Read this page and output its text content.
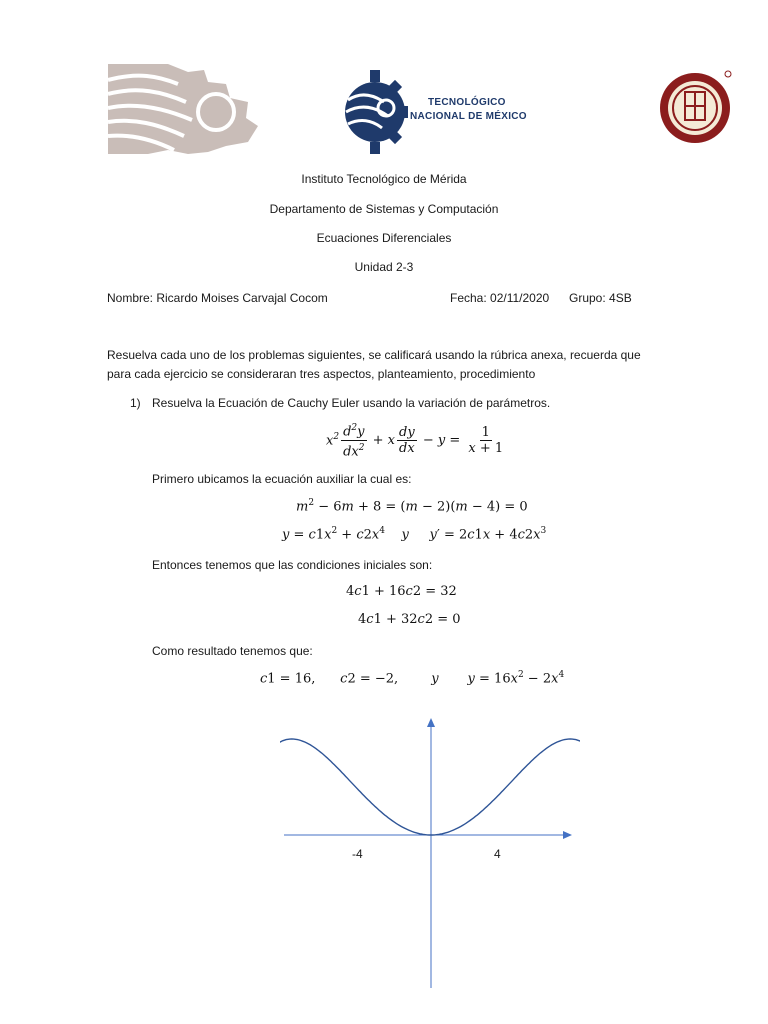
TECNOLÓGICO
NACIONAL DE MÉXICO
Instituto Tecnológico de Mérida
Departamento de Sistemas y Computación
Ecuaciones Diferenciales
Unidad 2-3
Nombre: Ricardo Moises Carvajal Cocom	Fecha: 02/11/2020 Grupo: 4SB
Resuelva cada uno de los problemas siguientes, se calificará usando la rúbrica anexa, recuerda que
para cada ejercicio se consideraran tres aspectos, planteamiento, procedimiento
1) Resuelva la Ecuación de Cauchy Euler usando la variación de parámetros.
$x^2 \frac{d^2y}{dx^2} + x \frac{dy}{dx} - y = \frac{1}{x + 1}$
Primero ubicamos la ecuación auxiliar la cual es:
$m^2 - 6m + 8 = (m - 2)(m - 4) = 0$
$y = c1x^2 + c2x^4$    y     $y' = 2c1x + 4c2x^3$
Entonces tenemos que las condiciones iniciales son:
4c1 + 16c2 = 32
4c1 + 32c2 = 0
Como resultado tenemos que:
c1 = 16,      c2 = −2,        y       $y = 16x^2 - 2x^4$
-4	4
